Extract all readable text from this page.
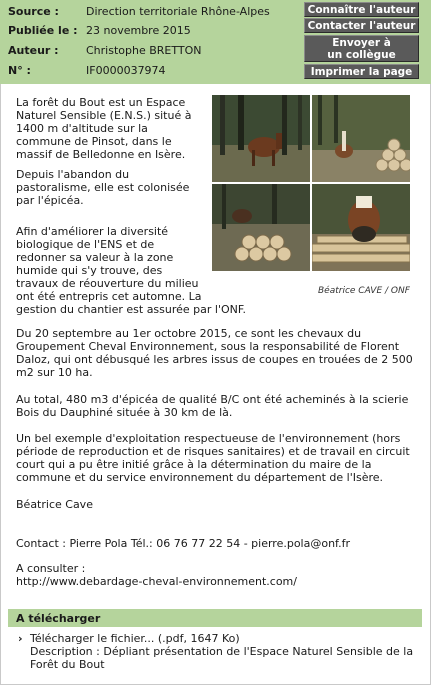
Source :	Direction territoriale Rhône-Alpes
Publiée le : 23 novembre 2015
Auteur :	Christophe BRETTON
N° :	IF0000037974
Connaître l'auteur
Contacter l'auteur
Envoyer à
un collègue
Imprimer la page

La forêt du Bout est un Espace Naturel Sensible (E.N.S.) situé à 1400 m d'altitude sur la commune de Pinsot, dans le massif de Belledonne en Isère.

Depuis l'abandon du pastoralisme, elle est colonisée par l'épicéa.

Afin d'améliorer la diversité biologique de l'ENS et de redonner sa valeur à la zone humide qui s'y trouve, des travaux de réouverture du milieu ont été entrepris cet automne. La

gestion du chantier est assurée par l'ONF.

Béatrice CAVE / ONF

Du 20 septembre au 1er octobre 2015, ce sont les chevaux du Groupement Cheval Environnement, sous la responsabilité de Florent Daloz, qui ont débusqué les arbres issus de coupes en trouées de 2 500 m2 sur 10 ha.

Au total, 480 m3 d'épicéa de qualité B/C ont été acheminés à la scierie Bois du Dauphiné située à 30 km de là.

Un bel exemple d'exploitation respectueuse de l'environnement (hors période de reproduction et de risques sanitaires) et de travail en circuit court qui a pu être initié grâce à la détermination du maire de la commune et du service environnement du département de l'Isère.

Béatrice Cave

Contact : Pierre Pola Tél.: 06 76 77 22 54 - pierre.pola@onf.fr

A consulter :

http://www.debardage-cheval-environnement.com/
A télécharger
› Télécharger le fichier... (.pdf, 1647 Ko)
Description : Dépliant présentation de l'Espace Naturel Sensible de la Forêt du Bout
